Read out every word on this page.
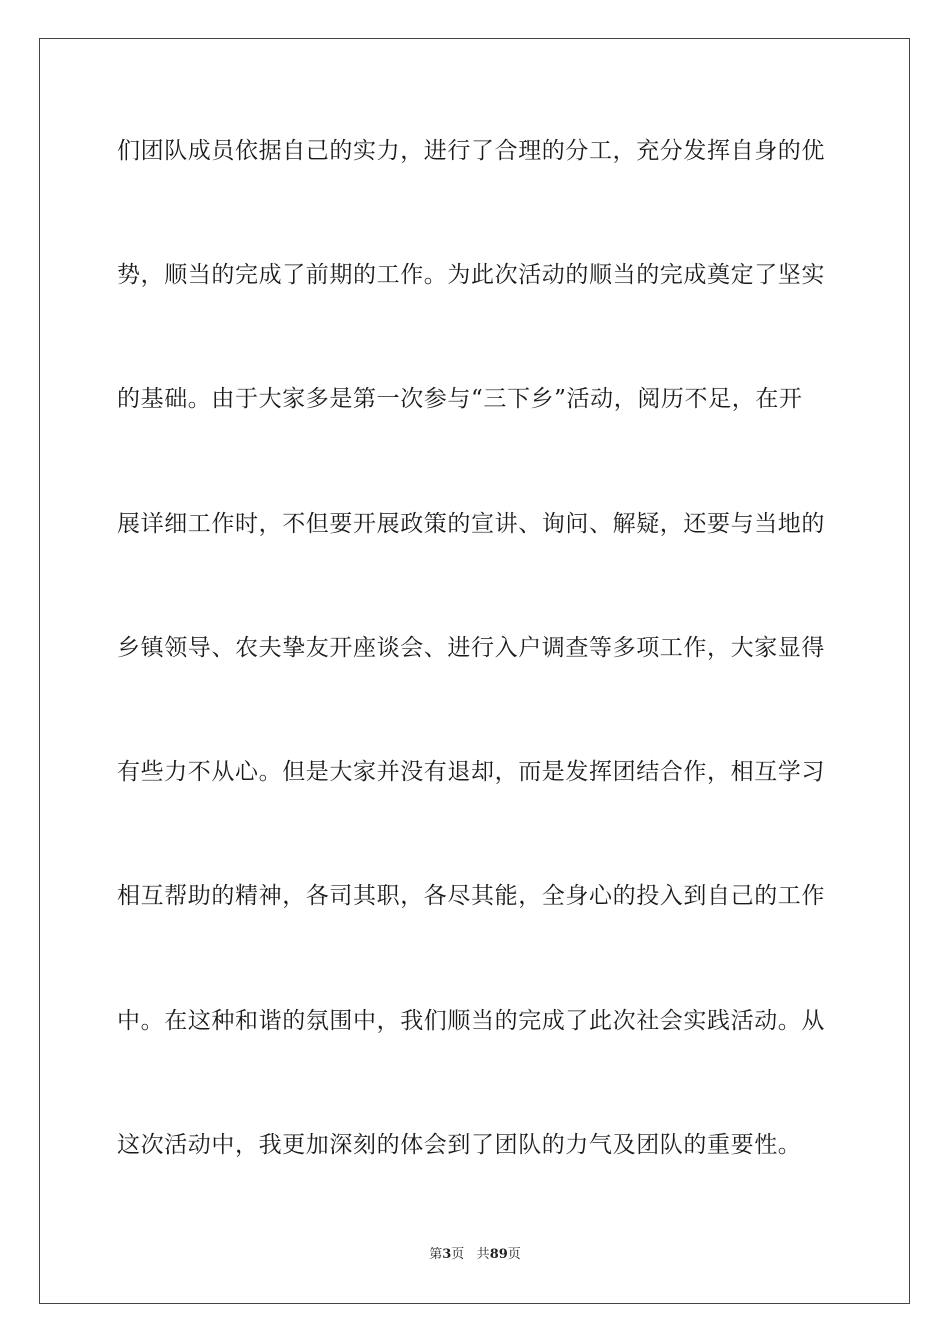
们团队成员依据自己的实力，进行了合理的分工，充分发挥自身的优
势，顺当的完成了前期的工作。为此次活动的顺当的完成奠定了坚实
的基础。由于大家多是第一次参与“三下乡”活动，阅历不足，在开
展详细工作时，不但要开展政策的宣讲、询问、解疑，还要与当地的
乡镇领导、农夫挚友开座谈会、进行入户调查等多项工作，大家显得
有些力不从心。但是大家并没有退却，而是发挥团结合作，相互学习
相互帮助的精神，各司其职，各尽其能，全身心的投入到自己的工作
中。在这种和谐的氛围中，我们顺当的完成了此次社会实践活动。从
这次活动中，我更加深刻的体会到了团队的力气及团队的重要性。
第3页 共89页
